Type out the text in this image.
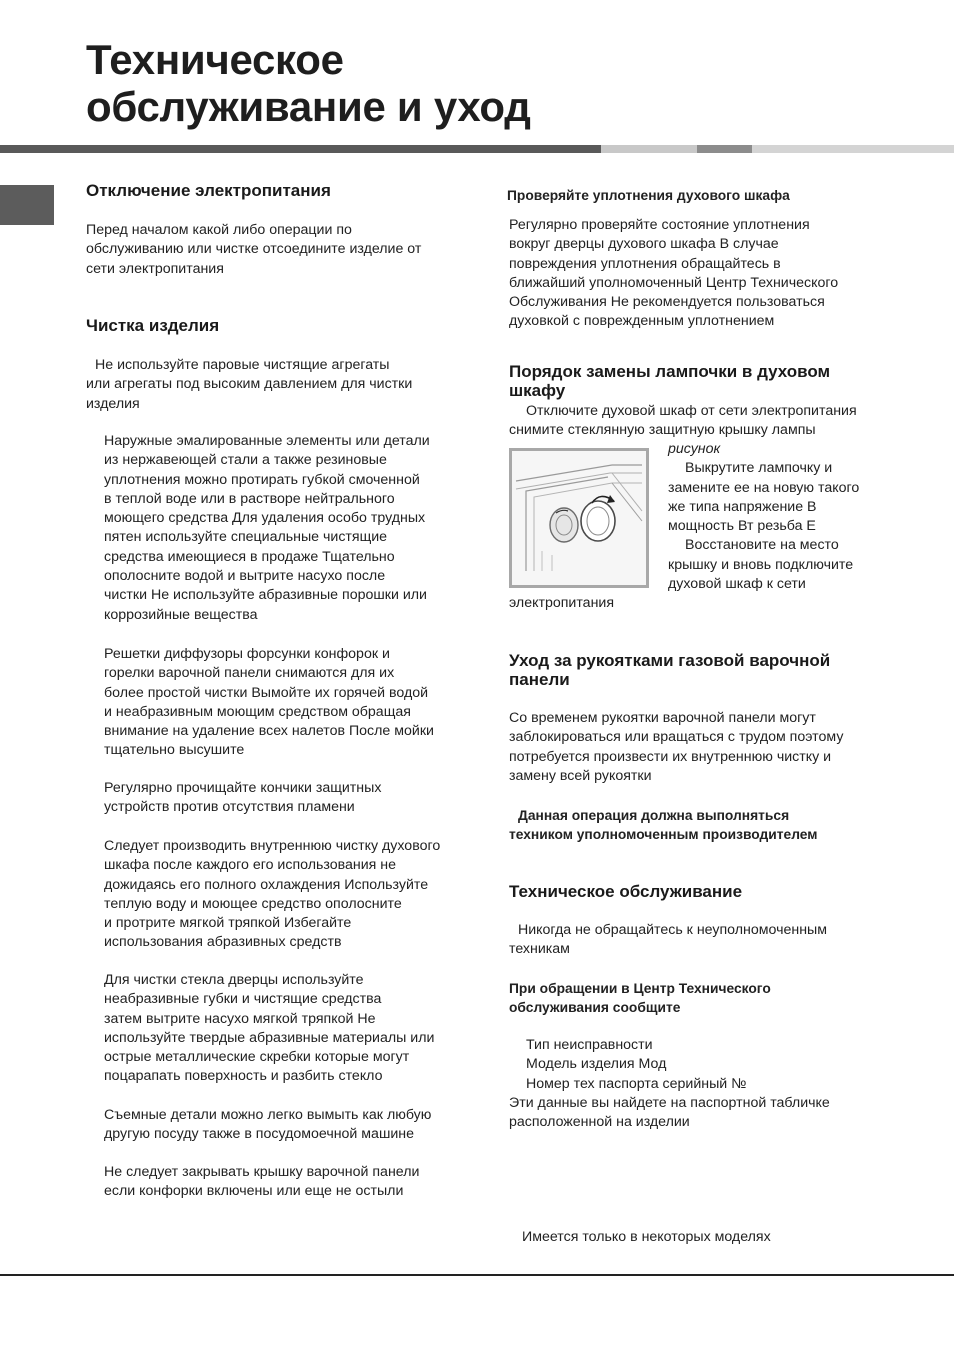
Техническое
обслуживание и уход
Отключение электропитания

Перед началом какой либо операции по
обслуживанию или чистке отсоедините изделие от
сети электропитания

Чистка изделия

Не используйте паровые чистящие агрегаты
или агрегаты под высоким давлением для чистки
изделия

Наружные эмалированные элементы или детали
из нержавеющей стали а также резиновые
уплотнения можно протирать губкой смоченной
в теплой воде или в растворе нейтрального
моющего средства Для удаления особо трудных
пятен используйте специальные чистящие
средства имеющиеся в продаже Тщательно
ополосните водой и вытрите насухо после
чистки Не используйте абразивные порошки или
коррозийные вещества

Решетки диффузоры форсунки конфорок и
горелки варочной панели снимаются для их
более простой чистки Вымойте их горячей водой
и неабразивным моющим средством обращая
внимание на удаление всех налетов После мойки
тщательно высушите

Регулярно прочищайте кончики защитных
устройств против отсутствия пламени

Следует производить внутреннюю чистку духового
шкафа после каждого его использования не
дожидаясь его полного охлаждения Используйте
теплую воду и моющее средство ополосните
и протрите мягкой тряпкой Избегайте
использования абразивных средств

Для чистки стекла дверцы используйте
неабразивные губки и чистящие средства
затем вытрите насухо мягкой тряпкой Не
используйте твердые абразивные материалы или
острые металлические скребки которые могут
поцарапать поверхность и разбить стекло

Съемные детали можно легко вымыть как любую
другую посуду также в посудомоечной машине

Не следует закрывать крышку варочной панели
если конфорки включены или еще не остыли

Проверяйте уплотнения духового шкафа

Регулярно проверяйте состояние уплотнения
вокруг дверцы духового шкафа В случае
повреждения уплотнения обращайтесь в
ближайший уполномоченный Центр Технического
Обслуживания Не рекомендуется пользоваться
духовкой с поврежденным уплотнением

Порядок замены лампочки в духовом
шкафу

Отключите духовой шкаф от сети электропитания
снимите стеклянную защитную крышку лампы

рисунок
Выкрутите лампочку и
замените ее на новую такого
же типа напряжение В
мощность Вт резьба Е
Восстановите на место
крышку и вновь подключите
духовой шкаф к сети

электропитания

Уход за рукоятками газовой варочной
панели

Со временем рукоятки варочной панели могут
заблокироваться или вращаться с трудом поэтому
потребуется произвести их внутреннюю чистку и
замену всей рукоятки

Данная операция должна выполняться
техником уполномоченным производителем

Техническое обслуживание

Никогда не обращайтесь к неуполномоченным
техникам

При обращении в Центр Технического
обслуживания сообщите

Тип неисправности
Модель изделия Мод
Номер тех паспорта серийный №
Эти данные вы найдете на паспортной табличке
расположенной на изделии

Имеется только в некоторых моделях
